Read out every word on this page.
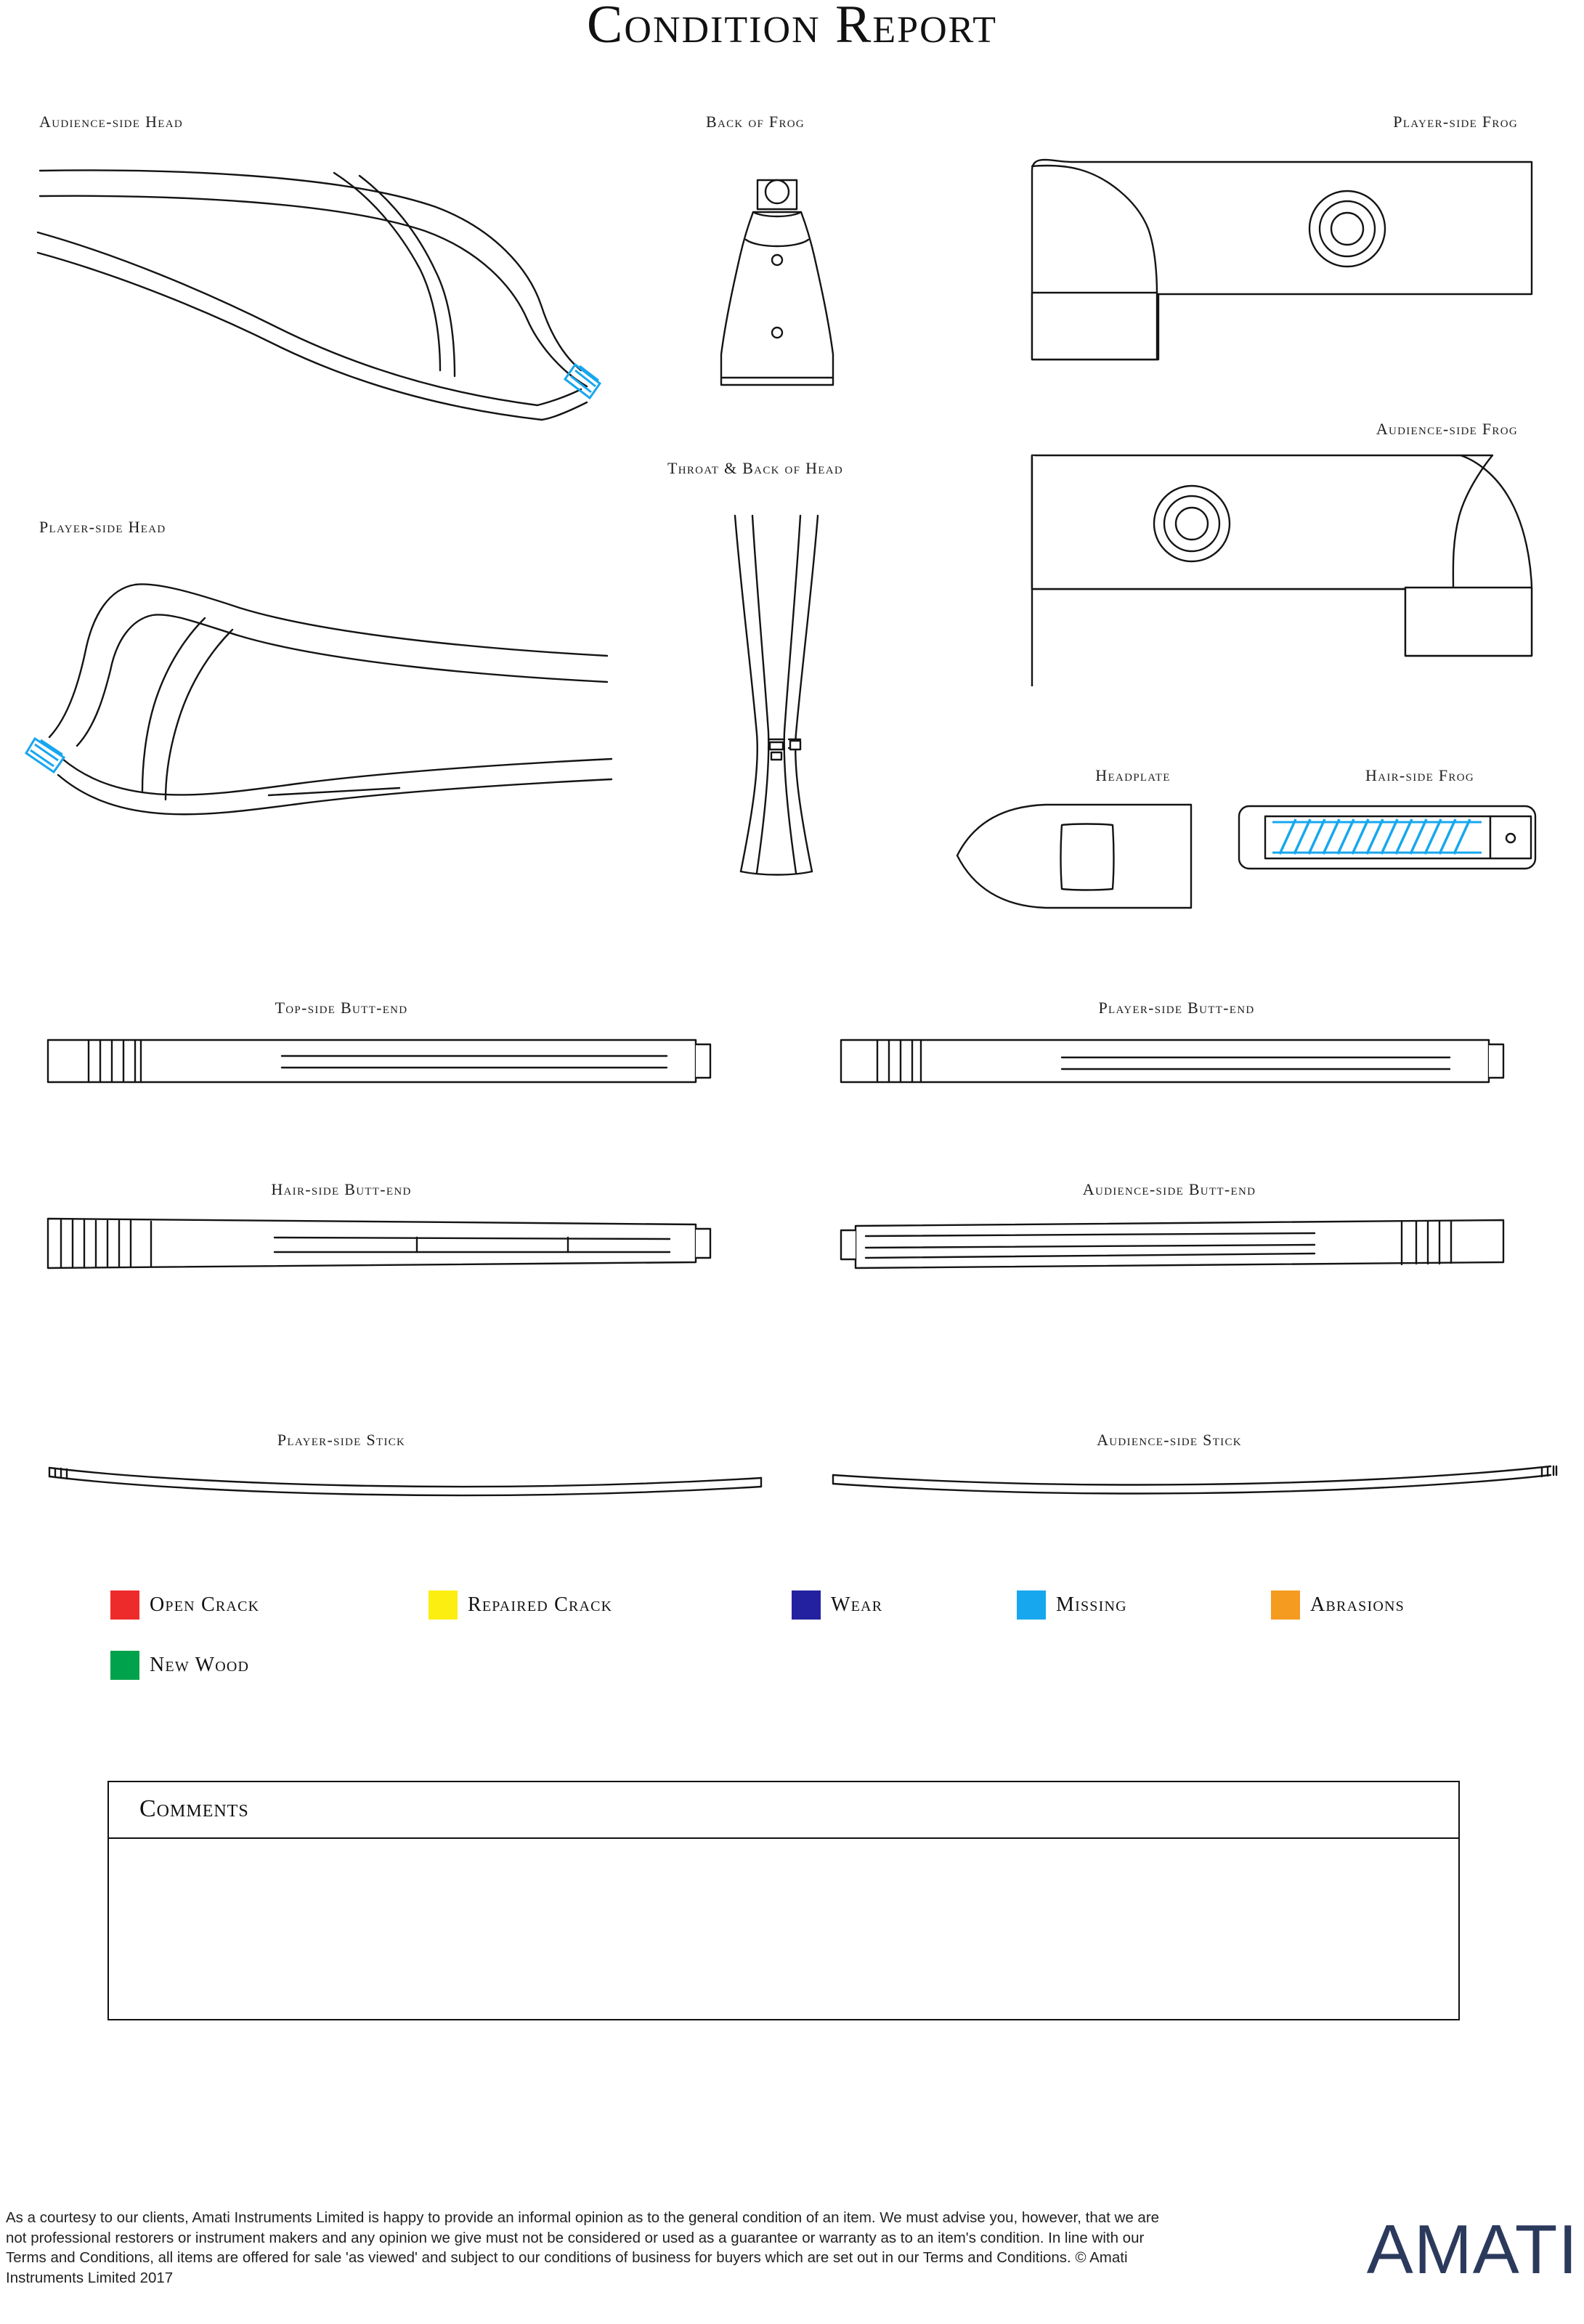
Condition Report
Audience-side Head	Back of Frog	Player-side Frog
Audience-side Frog
Throat & Back of Head
Player-side Head
Headplate	Hair-side Frog
Top-side Butt-end	Player-side Butt-end
Hair-side Butt-end	Audience-side Butt-end
Player-side Stick	Audience-side Stick
Open Crack	Repaired Crack	Wear	Missing	Abrasions
New Wood
Comments
As a courtesy to our clients, Amati Instruments Limited is happy to provide an informal opinion as to the general condition of an item. We must advise you, however, that we are not professional restorers or instrument makers and any opinion we give must not be considered or used as a guarantee or warranty as to an item's condition. In line with our Terms and Conditions, all items are offered for sale 'as viewed' and subject to our conditions of business for buyers which are set out in our Terms and Conditions. © Amati Instruments Limited 2017	AMATI
